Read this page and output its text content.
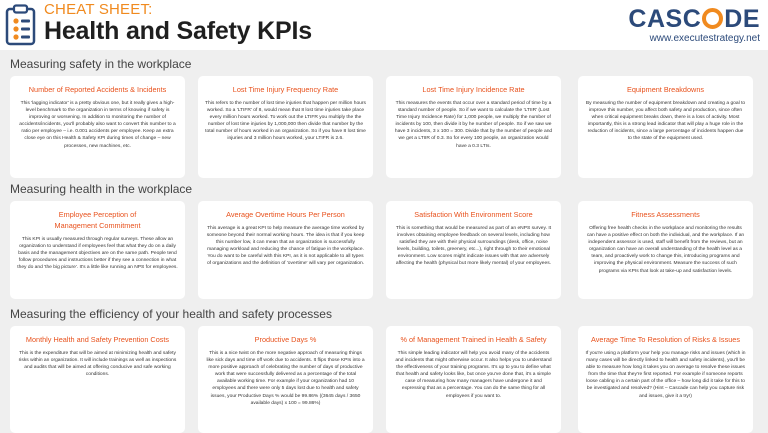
CHEAT SHEET:
Health and Safety KPIs	CASC DE
www.executestrategy.net
Measuring safety in the workplace
Number of Reported Accidents & Incidents
This 'lagging indicator' is a pretty obvious one, but it really gives a high-level benchmark to the organization in terms of knowing if safety is improving or worsening. In addition to monitoring the number of accidents/incidents, you'll probably also want to convert this number to a ratio per employee – i.e. 0.001 accidents per employee. Keep an extra close eye on this Health & Safety KPI during times of change – new processes, new machines, etc.
Lost Time Injury Frequency Rate
This refers to the number of lost time injuries that happen per million hours worked. So a 'LTIFR' of 8, would mean that 8 lost time injuries take place every million hours worked. To work out the LTIFR you multiply the the number of lost time injuries by 1,000,000 then divide that number by the total number of hours worked in an organization. So if you have 8 lost time injuries and 3 million hours worked, your LTIFR is 2.6.
Lost Time Injury Incidence Rate
This measures the events that occur over a standard period of time by a standard number of people. So if we want to calculate the 'LTIIR' (Lost Time Injury Incidence Rate) for 1,000 people, we multiply the number of incidents by 100, then divide it by he number of people. So if we saw we have 3 incidents, 3 x 100 = 300. Divide that by the number of people and we get a LTIIR of 0.3. So for every 100 people, an organization would have a 0.3 LTIs.
Equipment Breakdowns
By measuring the number of equipment breakdown and creating a goal to improve this number, you affect both safety and production, since often when critical equipment breaks down, there is a loss of activity. Most importantly, this is a strong lead indicator that will play a huge role in the reduction of incidents, since a large percentage of incidents happen due to the state of the equipment used.
Measuring health in the workplace
Employee Perception of Management Commitment
This KPI is usually measured through regular surveys. These allow an organization to understand if employees feel that what they do on a daily basis and the management objectives are on the same path. People tend follow procedures and instructions better if they see a connection in what they do and 'the big picture'. It's a little like running an NPS for employees.
Average Overtime Hours Per Person
This average is a great KPI to help measure the average time worked by someone beyond their normal working hours. The idea is that if you keep this number low, it can mean that an organization is successfully managing workload and reducing the chance of fatigue in the workplace. You do want to be careful with this KPI, as it is not applicable to all types of organizations and the definition of 'overtime' will vary per organization.
Satisfaction With Environment Score
This is something that would be measured as part of an eNPS survey. It involves obtaining employee feedback on several levels, including how satisfied they are with their physical surroundings (desk, office, noise levels, building, toilets, greenery, etc...), right through to their emotional environment. Low scores might indicate issues with that are adversely affecting the health (physical but more likely mental) of your employees.
Fitness Assessments
Offering free health checks in the workplace and monitoring the results can have a positive effect on both the individual, and the workplace. If an independent assessor is used, staff will benefit from the reviews, but an organization can have an overall understanding of the health level as a team, and proactively work to change this, introducing programs and improving the physical environment. Measure the success of such programs via KPIs that look at take-up and satisfaction levels.
Measuring the efficiency of your health and safety processes
Monthly Health and Safety Prevention Costs
This is the expenditure that will be aimed at minimizing health and safety risks within an organization. It will include trainings as well as inspections and audits that will be aimed at offering conducive and safe working conditions.
Productive Days %
This is a nice twist on the more negative approach of measuring things like sick days and time off work due to accidents. It flips those KPIs into a more positive approach of celebrating the number of days of productive work that were successfully delivered as a percentage of the total available working time. For example if your organization had 10 employees and there were only 5 days lost due to health and safety issues, your Productive Days % would be 99.86% ((3645 days / 3650 available days) x 100 = 99.86%)
% of Management Trained in Health & Safety
This simple leading indicator will help you avoid many of the accidents and incidents that might otherwise occur. It also helps you to understand the effectiveness of your training programs. It's up to you to define what that health and safety looks like, but once you've done that, it's a simple case of measuring how many managers have undergone it and expressing that as a percentage. You can do the same thing for all employees if you want to.
Average Time To Resolution of Risks & Issues
If you're using a platform your help you manage risks and issues (which in many cases will be directly linked to health and safety incidents), you'll be able to measure how long it takes you on average to resolve these issues from the time that they're first reported. For example if someone reports loose cabling in a certain part of the office – how long did it take for this to be investigated and resolved? (Hint – Cascade can help you capture risk and issues, give it a try!)
